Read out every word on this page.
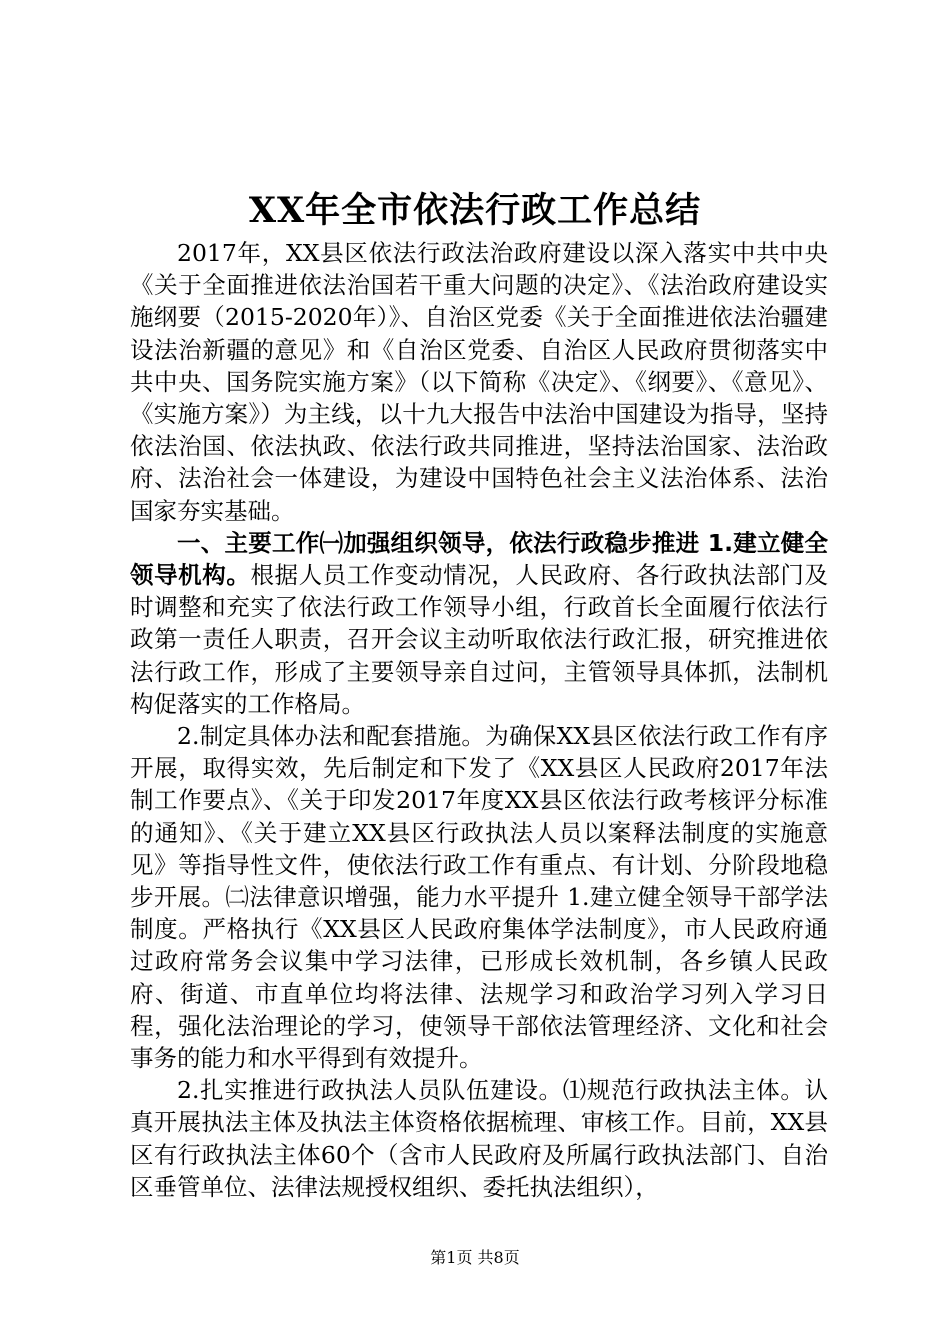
XX年全市依法行政工作总结

2017年，XX县区依法行政法治政府建设以深入落实中共中央《关于全面推进依法治国若干重大问题的决定》、《法治政府建设实施纲要（2015-2020年）》、自治区党委《关于全面推进依法治疆建设法治新疆的意见》和《自治区党委、自治区人民政府贯彻落实中共中央、国务院实施方案》（以下简称《决定》、《纲要》、《意见》、《实施方案》）为主线，以十九大报告中法治中国建设为指导，坚持依法治国、依法执政、依法行政共同推进，坚持法治国家、法治政府、法治社会一体建设，为建设中国特色社会主义法治体系、法治国家夯实基础。

一、主要工作㈠加强组织领导，依法行政稳步推进 1.建立健全领导机构。根据人员工作变动情况，人民政府、各行政执法部门及时调整和充实了依法行政工作领导小组，行政首长全面履行依法行政第一责任人职责，召开会议主动听取依法行政汇报，研究推进依法行政工作，形成了主要领导亲自过问，主管领导具体抓，法制机构促落实的工作格局。

2.制定具体办法和配套措施。为确保XX县区依法行政工作有序开展，取得实效，先后制定和下发了《XX县区人民政府2017年法制工作要点》、《关于印发2017年度XX县区依法行政考核评分标准的通知》、《关于建立XX县区行政执法人员以案释法制度的实施意见》等指导性文件，使依法行政工作有重点、有计划、分阶段地稳步开展。㈡法律意识增强，能力水平提升 1.建立健全领导干部学法制度。严格执行《XX县区人民政府集体学法制度》，市人民政府通过政府常务会议集中学习法律，已形成长效机制，各乡镇人民政府、街道、市直单位均将法律、法规学习和政治学习列入学习日程，强化法治理论的学习，使领导干部依法管理经济、文化和社会事务的能力和水平得到有效提升。

2.扎实推进行政执法人员队伍建设。⑴规范行政执法主体。认真开展执法主体及执法主体资格依据梳理、审核工作。目前，XX县区有行政执法主体60个（含市人民政府及所属行政执法部门、自治区垂管单位、法律法规授权组织、委托执法组织），

第1页 共8页
